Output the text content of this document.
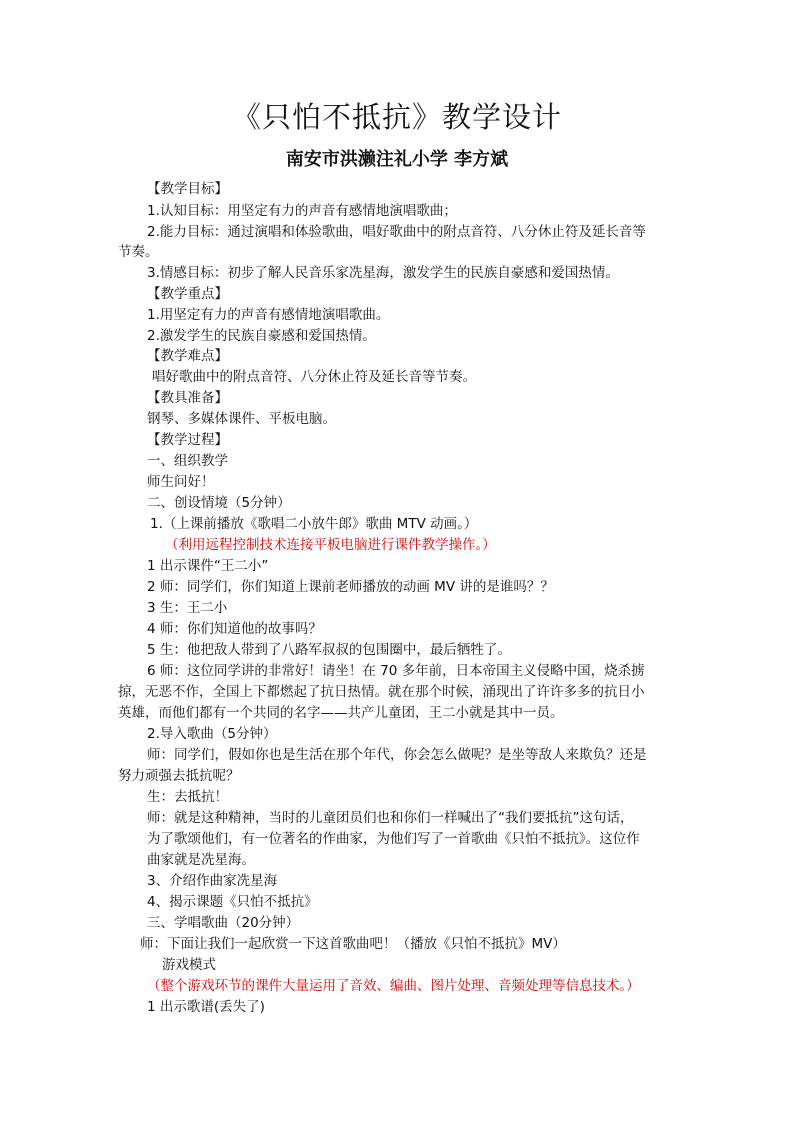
《只怕不抵抗》教学设计
南安市洪濑注礼小学 李方斌
【教学目标】
1.认知目标：用坚定有力的声音有感情地演唱歌曲；
2.能力目标：通过演唱和体验歌曲，唱好歌曲中的附点音符、八分休止符及延长音等
节奏。
3.情感目标：初步了解人民音乐家冼星海，激发学生的民族自豪感和爱国热情。
【教学重点】
1.用坚定有力的声音有感情地演唱歌曲。
2.激发学生的民族自豪感和爱国热情。
【教学难点】
唱好歌曲中的附点音符、八分休止符及延长音等节奏。
【教具准备】
钢琴、多媒体课件、平板电脑。
【教学过程】
一、组织教学
师生问好！
二、创设情境（5分钟）
1.（上课前播放《歌唱二小放牛郎》歌曲 MTV 动画。）
（利用远程控制技术连接平板电脑进行课件教学操作。）
1 出示课件“王二小”
2 师：同学们，你们知道上课前老师播放的动画 MV 讲的是谁吗？？
3 生：王二小
4 师：你们知道他的故事吗？
5 生：他把敌人带到了八路军叔叔的包围圈中，最后牺牲了。
6 师：这位同学讲的非常好！请坐！在 70 多年前，日本帝国主义侵略中国，烧杀掳
掠，无恶不作，全国上下都燃起了抗日热情。就在那个时候，涌现出了许许多多的抗日小
英雄，而他们都有一个共同的名字——共产儿童团，王二小就是其中一员。
2.导入歌曲（5分钟）
师：同学们，假如你也是生活在那个年代，你会怎么做呢？是坐等敌人来欺负？还是
努力顽强去抵抗呢？
生：去抵抗！
师：就是这种精神，当时的儿童团员们也和你们一样喊出了“我们要抵抗”这句话，
为了歌颂他们，有一位著名的作曲家，为他们写了一首歌曲《只怕不抵抗》。这位作
曲家就是冼星海。
3、介绍作曲家冼星海
4、揭示课题《只怕不抵抗》
三、学唱歌曲（20分钟）
师：下面让我们一起欣赏一下这首歌曲吧！（播放《只怕不抵抗》MV）
游戏模式
（整个游戏环节的课件大量运用了音效、编曲、图片处理、音频处理等信息技术。）
1 出示歌谱(丢失了)
